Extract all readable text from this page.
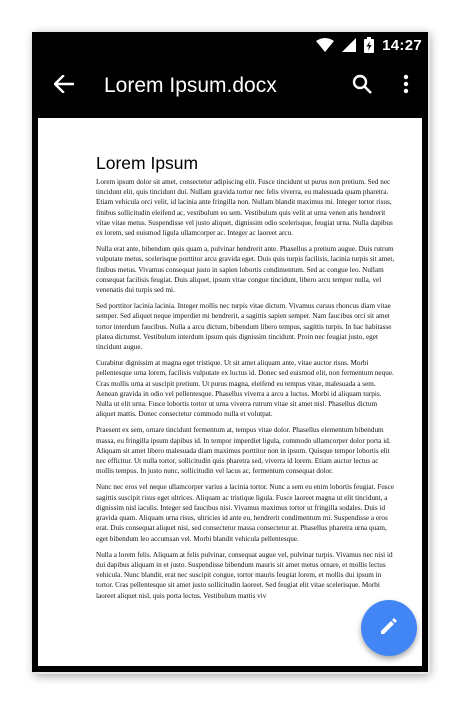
14:27
Lorem Ipsum.docx
Lorem Ipsum

Lorem ipsum dolor sit amet, consectetur adipiscing elit. Fusce tincidunt ut purus non pretium. Sed nec tincidunt elit, quis tincidunt dui. Nullam gravida tortor nec felis viverra, eu malesuada quam pharetra. Etiam vehicula orci velit, id lacinia ante fringilla non. Nullam blandit maximus mi. Integer tortor risus, finibus sollicitudin eleifend ac, vestibulum eu sem. Vestibulum quis velit at urna venen atis hendrerit vitae vitae metus. Suspendisse vel justo aliquet, dignissim odio scelerisque, feugiat urna. Nulla dapibus ex lorem, sed euismod ligula ullamcorper ac. Integer ac laoreet arcu.

Nulla erat ante, bibendum quis quam a, pulvinar hendrerit ante. Phasellus a pretium augue. Duis rutrum vulputate metus, scelerisque porttitor arcu gravida eget. Duis quis turpis facilisis, lacinia turpis sit amet, finibus metus. Vivamus consequat justo in sapien lobortis condimentum. Sed ac congue leo. Nullam consequat facilisis feugiat. Duis aliquet, ipsum vitae congue tincidunt, libero arcu tempor nulla, vel venenatis dui turpis sed mi.

Sed porttitor lacinia lacinia. Integer mollis nec turpis vitae dictum. Vivamus cursus rhoncus diam vitae semper. Sed aliquet neque imperdiet mi hendrerit, a sagittis sapien semper. Nam faucibus orci sit amet tortor interdum faucibus. Nulla a arcu dictum, bibendum libero tempus, sagittis turpis. In hac habitasse platea dictumst. Vestibulum interdum ipsum quis dignissim tincidunt. Proin nec feugiat justo, eget tincidunt augue.

Curabitur dignissim at magna eget tristique. Ut sit amet aliquam ante, vitae auctor risus. Morbi pellentesque urna lorem, facilisis vulputate ex luctus id. Donec sed euismod elit, non fermentum neque. Cras mollis urna at suscipit pretium. Ut purus magna, eleifend eu tempus vitae, malesuada a sem. Aenean gravida in odio vel pellentesque. Phasellus viverra a arcu a luctus. Morbi id aliquam turpis. Nulla ut elit urna. Fusce lobortis tortor ut urna viverra rutrum vitae sit amet nisl. Phasellus dictum aliquet mattis. Donec consectetur commodo nulla et volutpat.

Praesent ex sem, ornare tincidunt fermentum at, tempus vitae dolor. Phasellus elementum bibendum massa, eu fringilla ipsum dapibus id. In tempor imperdiet ligula, commodo ullamcorper dolor porta id. Aliquam sit amet libero malesuada diam maximus porttitor non in ipsum. Quisque tempor lobortis elit nec efficitur. Ut nulla tortor, sollicitudin quis pharetra sed, viverra id lorem. Etiam auctor lectus ac mollis tempus. In justo nunc, sollicitudin vel lacus ac, fermentum consequat dolor.

Nunc nec eros vel neque ullamcorper varius a lacinia tortor. Nunc a sem eu enim lobortis feugiat. Fusce sagittis suscipit risus eget ultrices. Aliquam ac tristique ligula. Fusce laoreet magna ut elit tincidunt, a dignissim nisl iaculis. Integer sed faucibus nisi. Vivamus maximus tortor ut fringilla sodales. Duis id gravida quam. Aliquam urna risus, ultricies id ante eu, hendrerit condimentum mi. Suspendisse a eros erat. Duis consequat aliquet nisi, sed consectetur massa consectetur at. Phasellus pharetra urna quam, eget bibendum leo accumsan vel. Morbi blandit vehicula pellentesque.

Nulla a lorem felis. Aliquam at felis pulvinar, consequat augue vel, pulvinar turpis. Vivamus nec nisi id dui dapibus aliquam in et justo. Suspendisse bibendum mauris sit amet metus ornare, et mollis lectus vehicula. Nunc blandit, erat nec suscipit congue, tortor mauris feugiat lorem, et mollis dui ipsum in tortor. Cras pellentesque sit amet justo sollicitudin laoreet. Sed feugiat elit vitae scelerisque. Morbi laoreet aliquet nisl, quis porta lectus. Vestibulum mattis viv
